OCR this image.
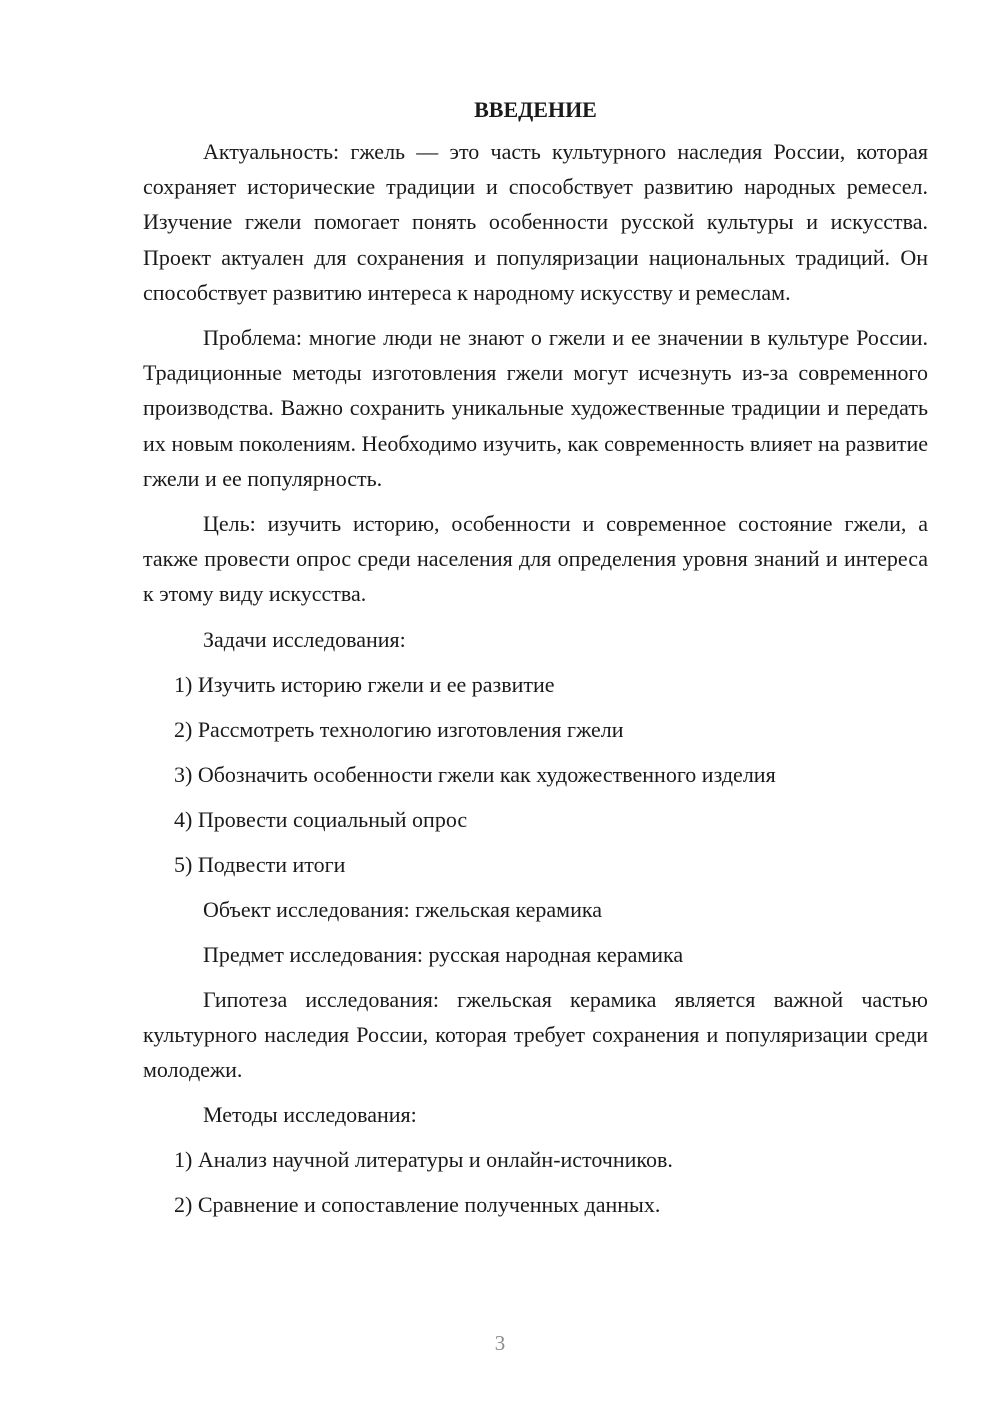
ВВЕДЕНИЕ

Актуальность: гжель — это часть культурного наследия России, которая сохраняет исторические традиции и способствует развитию народных ремесел. Изучение гжели помогает понять особенности русской культуры и искусства. Проект актуален для сохранения и популяризации национальных традиций. Он способствует развитию интереса к народному искусству и ремеслам.

Проблема: многие люди не знают о гжели и ее значении в культуре России. Традиционные методы изготовления гжели могут исчезнуть из-за современного производства. Важно сохранить уникальные художественные традиции и передать их новым поколениям. Необходимо изучить, как современность влияет на развитие гжели и ее популярность.

Цель: изучить историю, особенности и современное состояние гжели, а также провести опрос среди населения для определения уровня знаний и интереса к этому виду искусства.

Задачи исследования:

1) Изучить историю гжели и ее развитие
2) Рассмотреть технологию изготовления гжели
3) Обозначить особенности гжели как художественного изделия
4) Провести социальный опрос
5) Подвести итоги

Объект исследования: гжельская керамика

Предмет исследования: русская народная керамика

Гипотеза исследования: гжельская керамика является важной частью культурного наследия России, которая требует сохранения и популяризации среди молодежи.

Методы исследования:

1) Анализ научной литературы и онлайн-источников.
2) Сравнение и сопоставление полученных данных.
3
